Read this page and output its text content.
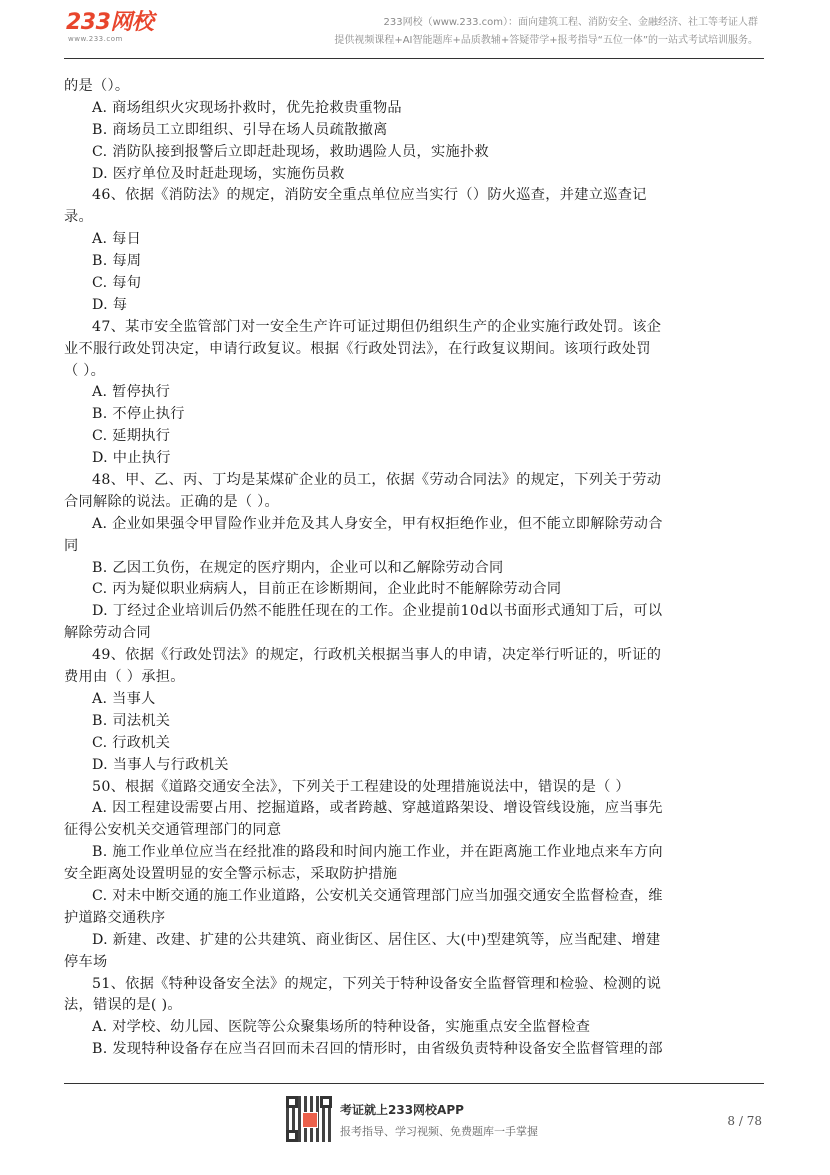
233网校
www.233.com
233网校（www.233.com）：面向建筑工程、消防安全、金融经济、社工等考证人群
提供视频课程+AI智能题库+品质教辅+答疑带学+报考指导“五位一体”的一站式考试培训服务。
的是（）。
A. 商场组织火灾现场扑救时，优先抢救贵重物品
B. 商场员工立即组织、引导在场人员疏散撤离
C. 消防队接到报警后立即赶赴现场，救助遇险人员，实施扑救
D. 医疗单位及时赶赴现场，实施伤员救
46、依据《消防法》的规定，消防安全重点单位应当实行（）防火巡查，并建立巡查记
录。
A. 每日
B. 每周
C. 每旬
D. 每
47、某市安全监管部门对一安全生产许可证过期但仍组织生产的企业实施行政处罚。该企
业不服行政处罚决定，申请行政复议。根据《行政处罚法》，在行政复议期间。该项行政处罚
（ ）。
A. 暂停执行
B. 不停止执行
C. 延期执行
D. 中止执行
48、甲、乙、丙、丁均是某煤矿企业的员工，依据《劳动合同法》的规定，下列关于劳动
合同解除的说法。正确的是（ ）。
A. 企业如果强令甲冒险作业并危及其人身安全，甲有权拒绝作业，但不能立即解除劳动合
同
B. 乙因工负伤，在规定的医疗期内，企业可以和乙解除劳动合同
C. 丙为疑似职业病病人，目前正在诊断期间，企业此时不能解除劳动合同
D. 丁经过企业培训后仍然不能胜任现在的工作。企业提前10d以书面形式通知丁后，可以
解除劳动合同
49、依据《行政处罚法》的规定，行政机关根据当事人的申请，决定举行听证的，听证的
费用由（ ）承担。
A. 当事人
B. 司法机关
C. 行政机关
D. 当事人与行政机关
50、根据《道路交通安全法》，下列关于工程建设的处理措施说法中，错误的是（ ）
A. 因工程建设需要占用、挖掘道路，或者跨越、穿越道路架设、增设管线设施，应当事先
征得公安机关交通管理部门的同意
B. 施工作业单位应当在经批准的路段和时间内施工作业，并在距离施工作业地点来车方向
安全距离处设置明显的安全警示标志，采取防护措施
C. 对未中断交通的施工作业道路，公安机关交通管理部门应当加强交通安全监督检查，维
护道路交通秩序
D. 新建、改建、扩建的公共建筑、商业街区、居住区、大(中)型建筑等，应当配建、增建
停车场
51、依据《特种设备安全法》的规定，下列关于特种设备安全监督管理和检验、检测的说
法，错误的是( )。
A. 对学校、幼儿园、医院等公众聚集场所的特种设备，实施重点安全监督检查
B. 发现特种设备存在应当召回而未召回的情形时，由省级负责特种设备安全监督管理的部
考证就上233网校APP
报考指导、学习视频、免费题库一手掌握
8 / 78
